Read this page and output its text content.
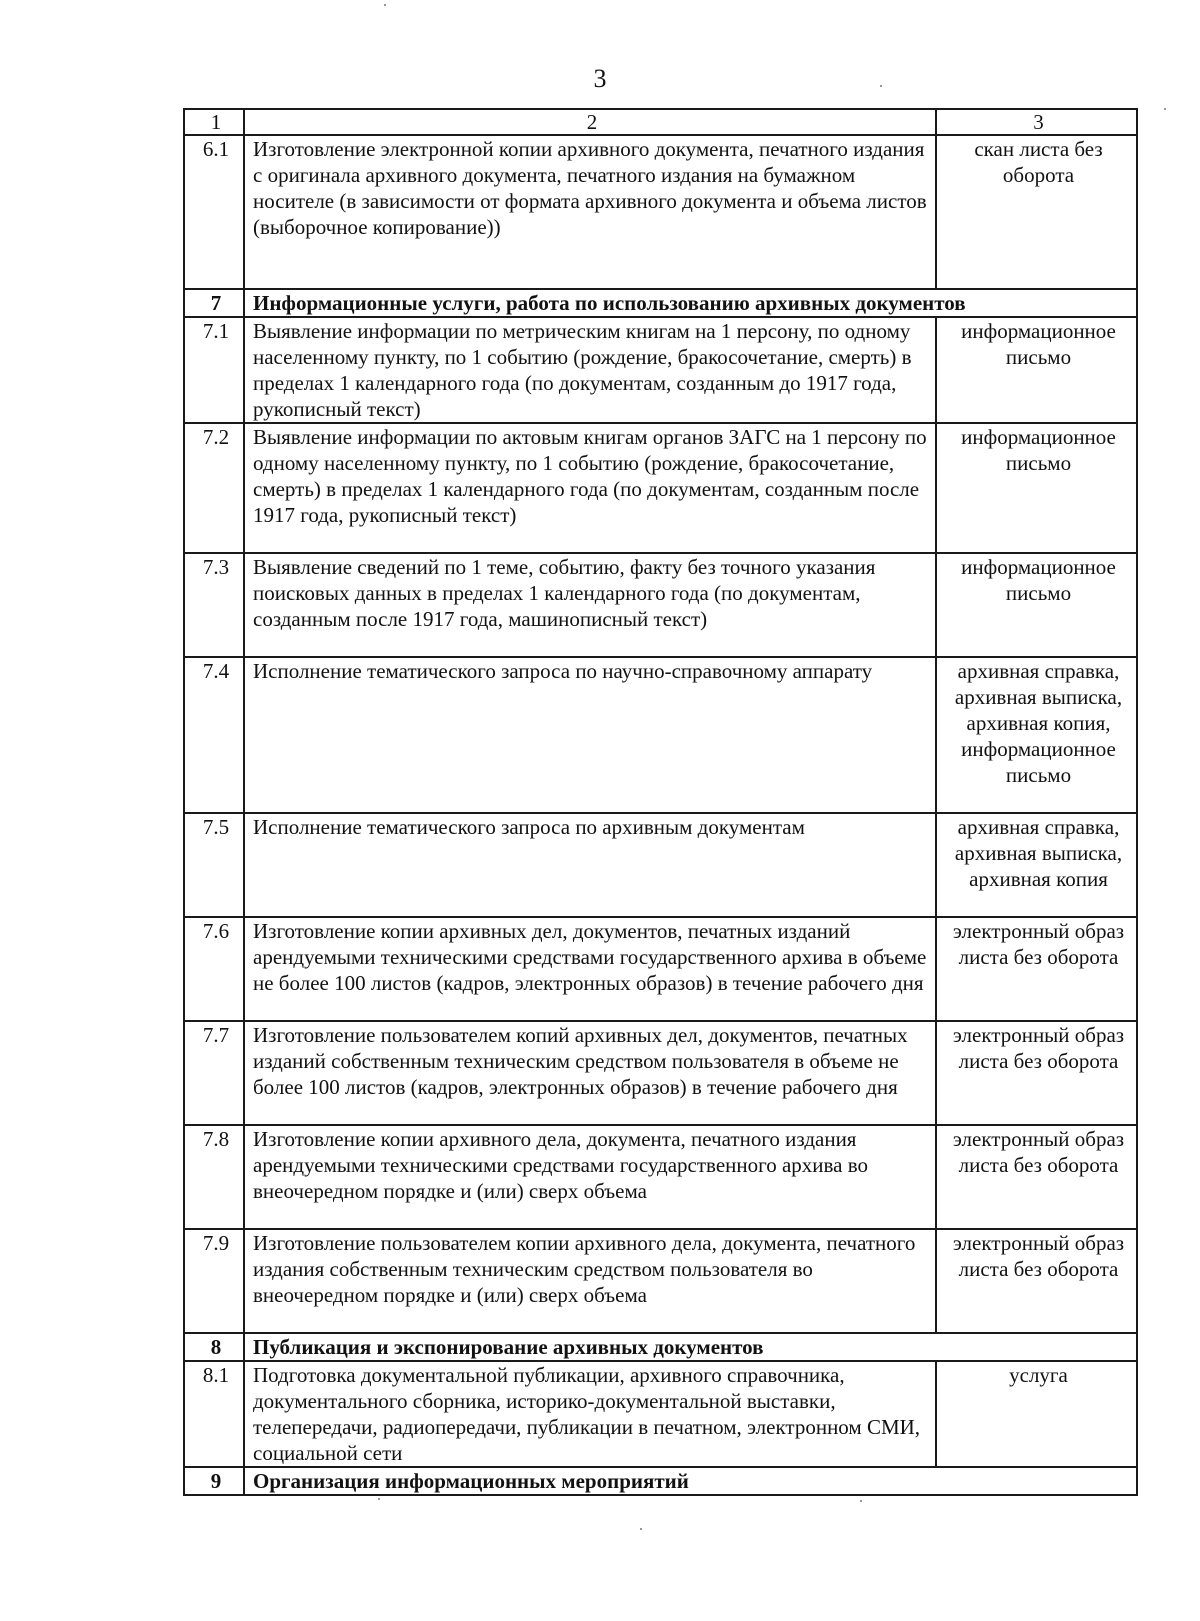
3
1	2	3
6.1	Изготовление электронной копии архивного документа, печатного издания с оригинала архивного документа, печатного издания на бумажном носителе (в зависимости от формата архивного документа и объема листов (выборочное копирование))	скан листа без оборота
7	Информационные услуги, работа по использованию архивных документов	
7.1	Выявление информации по метрическим книгам на 1 персону, по одному населенному пункту, по 1 событию (рождение, бракосочетание, смерть) в пределах 1 календарного года (по документам, созданным до 1917 года, рукописный текст)	информационное письмо
7.2	Выявление информации по актовым книгам органов ЗАГС на 1 персону по одному населенному пункту, по 1 событию (рождение, бракосочетание, смерть) в пределах 1 календарного года (по документам, созданным после 1917 года, рукописный текст)	информационное письмо
7.3	Выявление сведений по 1 теме, событию, факту без точного указания поисковых данных в пределах 1 календарного года (по документам, созданным после 1917 года, машинописный текст)	информационное письмо
7.4	Исполнение тематического запроса по научно-справочному аппарату	архивная справка, архивная выписка, архивная копия, информационное письмо
7.5	Исполнение тематического запроса по архивным документам	архивная справка, архивная выписка, архивная копия
7.6	Изготовление копии архивных дел, документов, печатных изданий арендуемыми техническими средствами государственного архива в объеме не более 100 листов (кадров, электронных образов) в течение рабочего дня	электронный образ листа без оборота
7.7	Изготовление пользователем копий архивных дел, документов, печатных изданий собственным техническим средством пользователя в объеме не более 100 листов (кадров, электронных образов) в течение рабочего дня	электронный образ листа без оборота
7.8	Изготовление копии архивного дела, документа, печатного издания арендуемыми техническими средствами государственного архива во внеочередном порядке и (или) сверх объема	электронный образ листа без оборота
7.9	Изготовление пользователем копии архивного дела, документа, печатного издания собственным техническим средством пользователя во внеочередном порядке и (или) сверх объема	электронный образ листа без оборота
8	Публикация и экспонирование архивных документов	
8.1	Подготовка документальной публикации, архивного справочника, документального сборника, историко-документальной выставки, телепередачи, радиопередачи, публикации в печатном, электронном СМИ, социальной сети	услуга
9	Организация информационных мероприятий	
